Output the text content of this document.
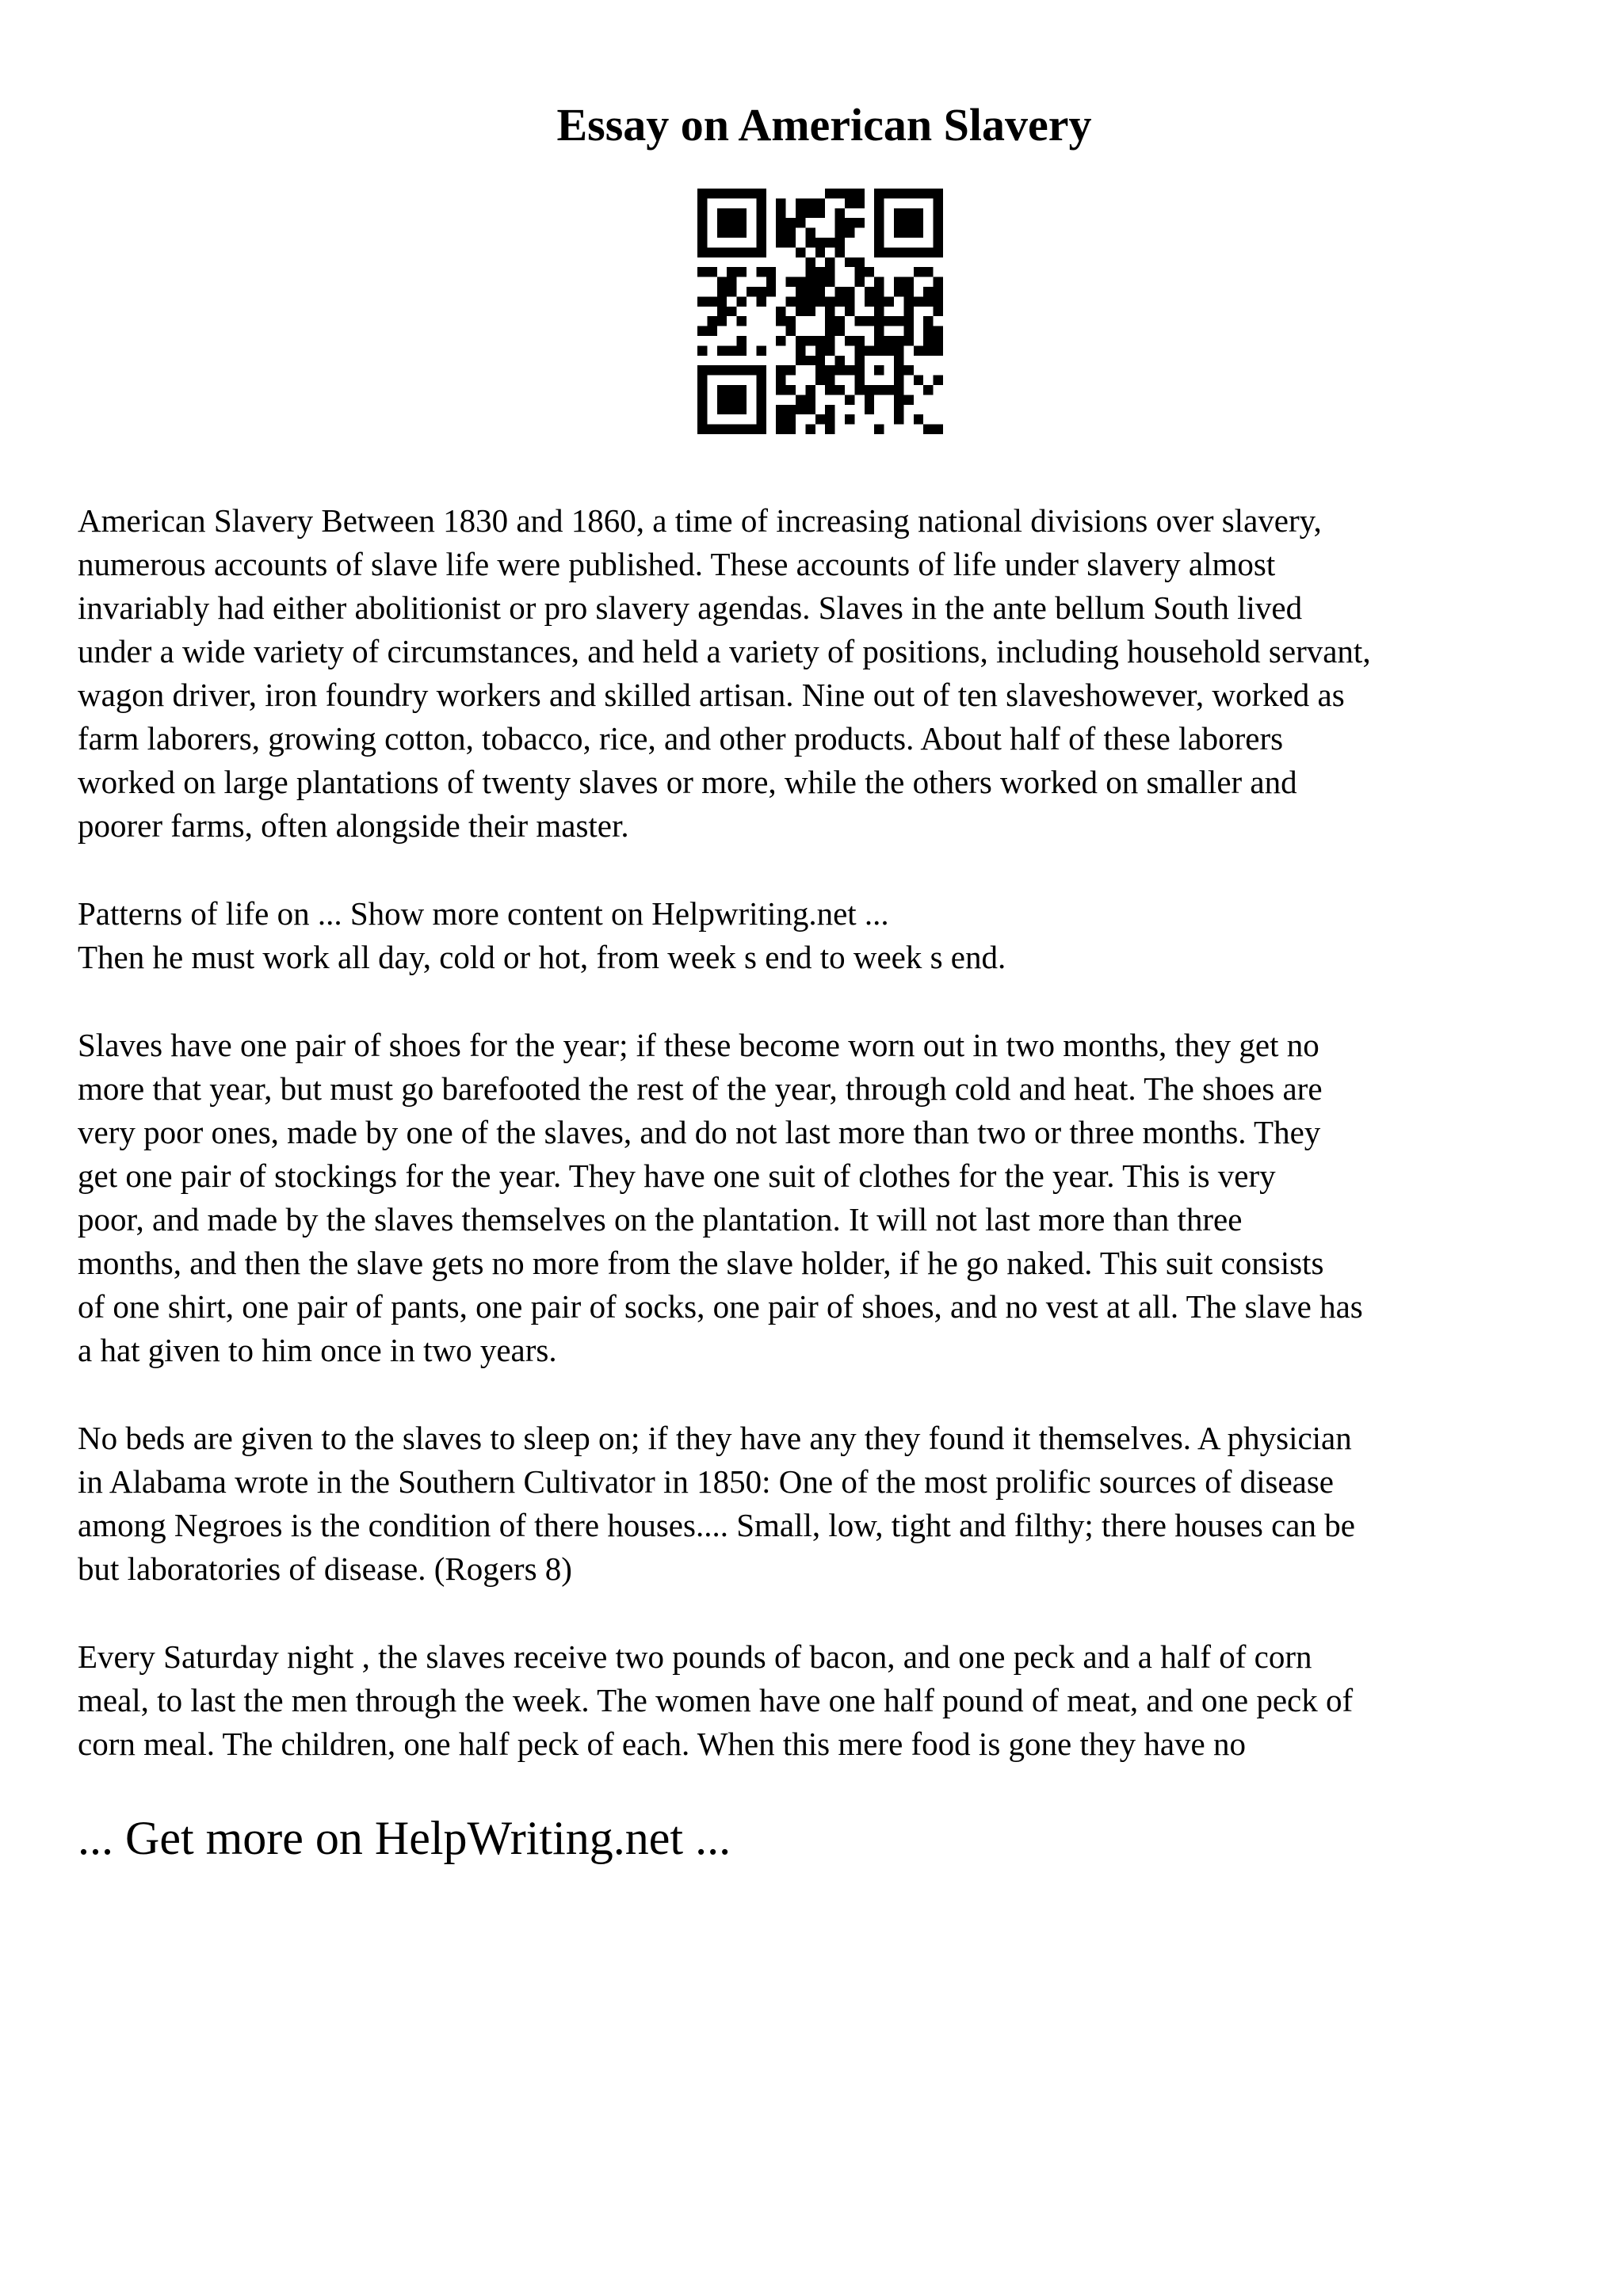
Essay on American Slavery

American Slavery Between 1830 and 1860, a time of increasing national divisions over slavery,
numerous accounts of slave life were published. These accounts of life under slavery almost
invariably had either abolitionist or pro slavery agendas. Slaves in the ante bellum South lived
under a wide variety of circumstances, and held a variety of positions, including household servant,
wagon driver, iron foundry workers and skilled artisan. Nine out of ten slaveshowever, worked as
farm laborers, growing cotton, tobacco, rice, and other products. About half of these laborers
worked on large plantations of twenty slaves or more, while the others worked on smaller and
poorer farms, often alongside their master.

Patterns of life on ... Show more content on Helpwriting.net ...
Then he must work all day, cold or hot, from week s end to week s end.

Slaves have one pair of shoes for the year; if these become worn out in two months, they get no
more that year, but must go barefooted the rest of the year, through cold and heat. The shoes are
very poor ones, made by one of the slaves, and do not last more than two or three months. They
get one pair of stockings for the year. They have one suit of clothes for the year. This is very
poor, and made by the slaves themselves on the plantation. It will not last more than three
months, and then the slave gets no more from the slave holder, if he go naked. This suit consists
of one shirt, one pair of pants, one pair of socks, one pair of shoes, and no vest at all. The slave has
a hat given to him once in two years.

No beds are given to the slaves to sleep on; if they have any they found it themselves. A physician
in Alabama wrote in the Southern Cultivator in 1850: One of the most prolific sources of disease
among Negroes is the condition of there houses.... Small, low, tight and filthy; there houses can be
but laboratories of disease. (Rogers 8)

Every Saturday night , the slaves receive two pounds of bacon, and one peck and a half of corn
meal, to last the men through the week. The women have one half pound of meat, and one peck of
corn meal. The children, one half peck of each. When this mere food is gone they have no

... Get more on HelpWriting.net ...
